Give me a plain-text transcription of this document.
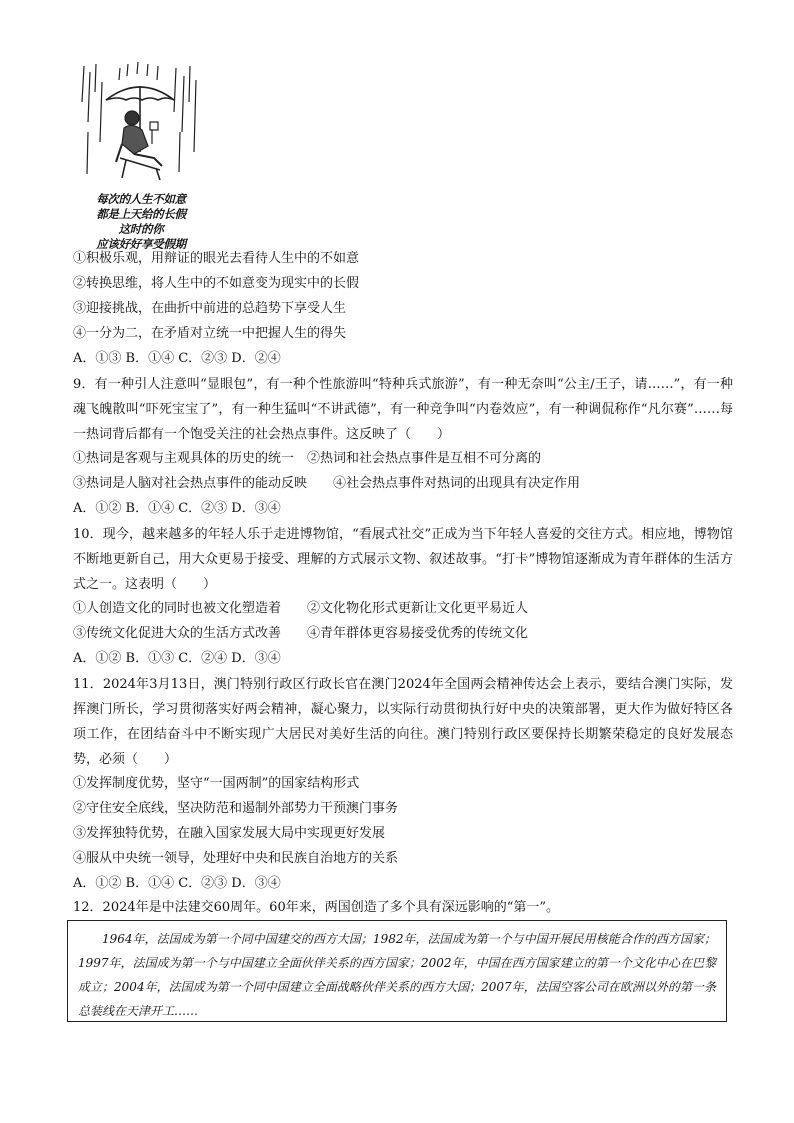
每次的人生不如意
都是上天给的长假
这时的你
应该好好享受假期
①积极乐观，用辩证的眼光去看待人生中的不如意
②转换思维，将人生中的不如意变为现实中的长假
③迎接挑战，在曲折中前进的总趋势下享受人生
④一分为二，在矛盾对立统一中把握人生的得失
A．①③ B．①④ C．②③ D．②④
9．有一种引人注意叫“显眼包”，有一种个性旅游叫“特种兵式旅游”，有一种无奈叫“公主/王子，请……”，有一种魂飞魄散叫“吓死宝宝了”，有一种生猛叫“不讲武德”，有一种竞争叫“内卷效应”，有一种调侃称作“凡尔赛”……每一热词背后都有一个饱受关注的社会热点事件。这反映了（　　）
①热词是客观与主观具体的历史的统一　②热词和社会热点事件是互相不可分离的
③热词是人脑对社会热点事件的能动反映　　④社会热点事件对热词的出现具有决定作用
A．①② B．①④ C．②③ D．③④
10．现今，越来越多的年轻人乐于走进博物馆，“看展式社交”正成为当下年轻人喜爱的交往方式。相应地，博物馆不断地更新自己，用大众更易于接受、理解的方式展示文物、叙述故事。“打卡”博物馆逐渐成为青年群体的生活方式之一。这表明（　　）
①人创造文化的同时也被文化塑造着　　②文化物化形式更新让文化更平易近人
③传统文化促进大众的生活方式改善　　④青年群体更容易接受优秀的传统文化
A．①② B．①③ C．②④ D．③④
11．2024年3月13日，澳门特别行政区行政长官在澳门2024年全国两会精神传达会上表示，要结合澳门实际，发挥澳门所长，学习贯彻落实好两会精神，凝心聚力，以实际行动贯彻执行好中央的决策部署，更大作为做好特区各项工作，在团结奋斗中不断实现广大居民对美好生活的向往。澳门特别行政区要保持长期繁荣稳定的良好发展态势，必须（　　）
①发挥制度优势，坚守“一国两制”的国家结构形式
②守住安全底线，坚决防范和遏制外部势力干预澳门事务
③发挥独特优势，在融入国家发展大局中实现更好发展
④服从中央统一领导，处理好中央和民族自治地方的关系
A．①② B．①④ C．②③ D．③④
12．2024年是中法建交60周年。60年来，两国创造了多个具有深远影响的“第一”。
1964年，法国成为第一个同中国建交的西方大国；1982年，法国成为第一个与中国开展民用核能合作的西方国家；1997年，法国成为第一个与中国建立全面伙伴关系的西方国家；2002年，中国在西方国家建立的第一个文化中心在巴黎成立；2004年，法国成为第一个同中国建立全面战略伙伴关系的西方大国；2007年，法国空客公司在欧洲以外的第一条总装线在天津开工……
